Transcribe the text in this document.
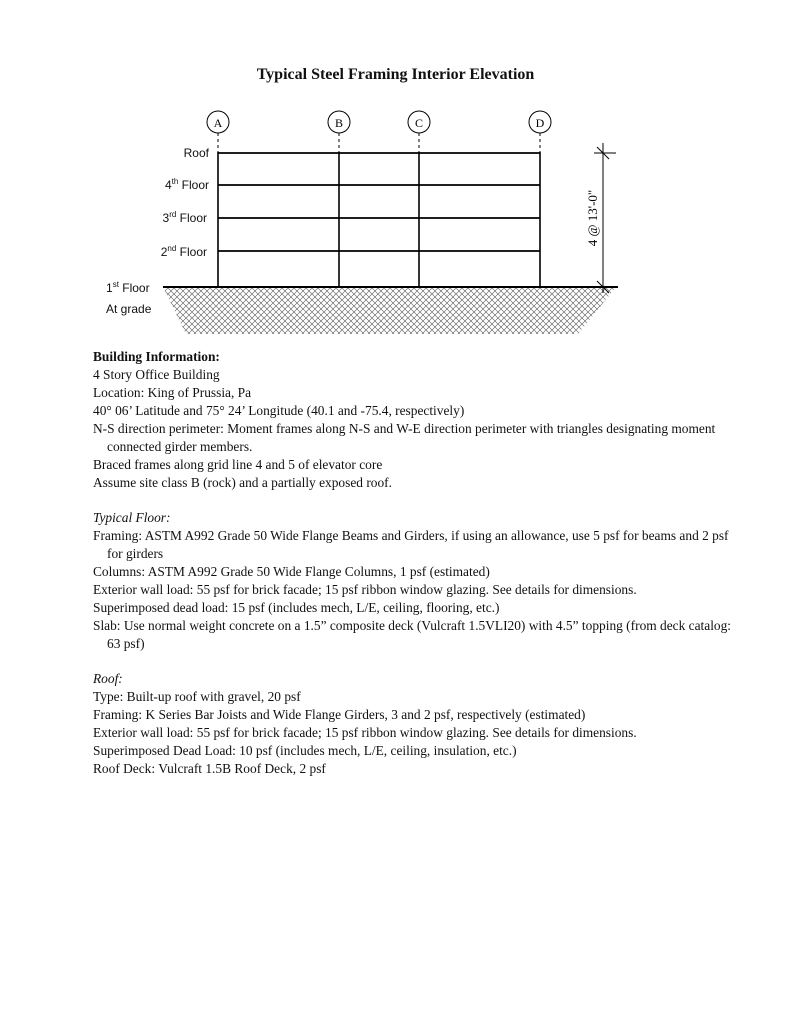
Typical Steel Framing Interior Elevation
A	B	C	D
Roof
4th Floor
3rd Floor
2nd Floor
1st Floor
At grade
4 @ 13'-0"

Building Information:

4 Story Office Building

Location: King of Prussia, Pa

40° 06’ Latitude and 75° 24’ Longitude (40.1 and -75.4, respectively)

N-S direction perimeter: Moment frames along N-S and W-E direction perimeter with triangles designating moment connected girder members.

Braced frames along grid line 4 and 5 of elevator core

Assume site class B (rock) and a partially exposed roof.

Typical Floor:

Framing: ASTM A992 Grade 50 Wide Flange Beams and Girders, if using an allowance, use 5 psf for beams and 2 psf for girders

Columns: ASTM A992 Grade 50 Wide Flange Columns, 1 psf (estimated)

Exterior wall load: 55 psf for brick facade; 15 psf ribbon window glazing. See details for dimensions.

Superimposed dead load: 15 psf (includes mech, L/E, ceiling, flooring, etc.)

Slab: Use normal weight concrete on a 1.5” composite deck (Vulcraft 1.5VLI20) with 4.5” topping (from deck catalog: 63 psf)

Roof:

Type: Built-up roof with gravel, 20 psf

Framing: K Series Bar Joists and Wide Flange Girders, 3 and 2 psf, respectively (estimated)

Exterior wall load: 55 psf for brick facade; 15 psf ribbon window glazing. See details for dimensions.

Superimposed Dead Load: 10 psf (includes mech, L/E, ceiling, insulation, etc.)

Roof Deck: Vulcraft 1.5B Roof Deck, 2 psf
